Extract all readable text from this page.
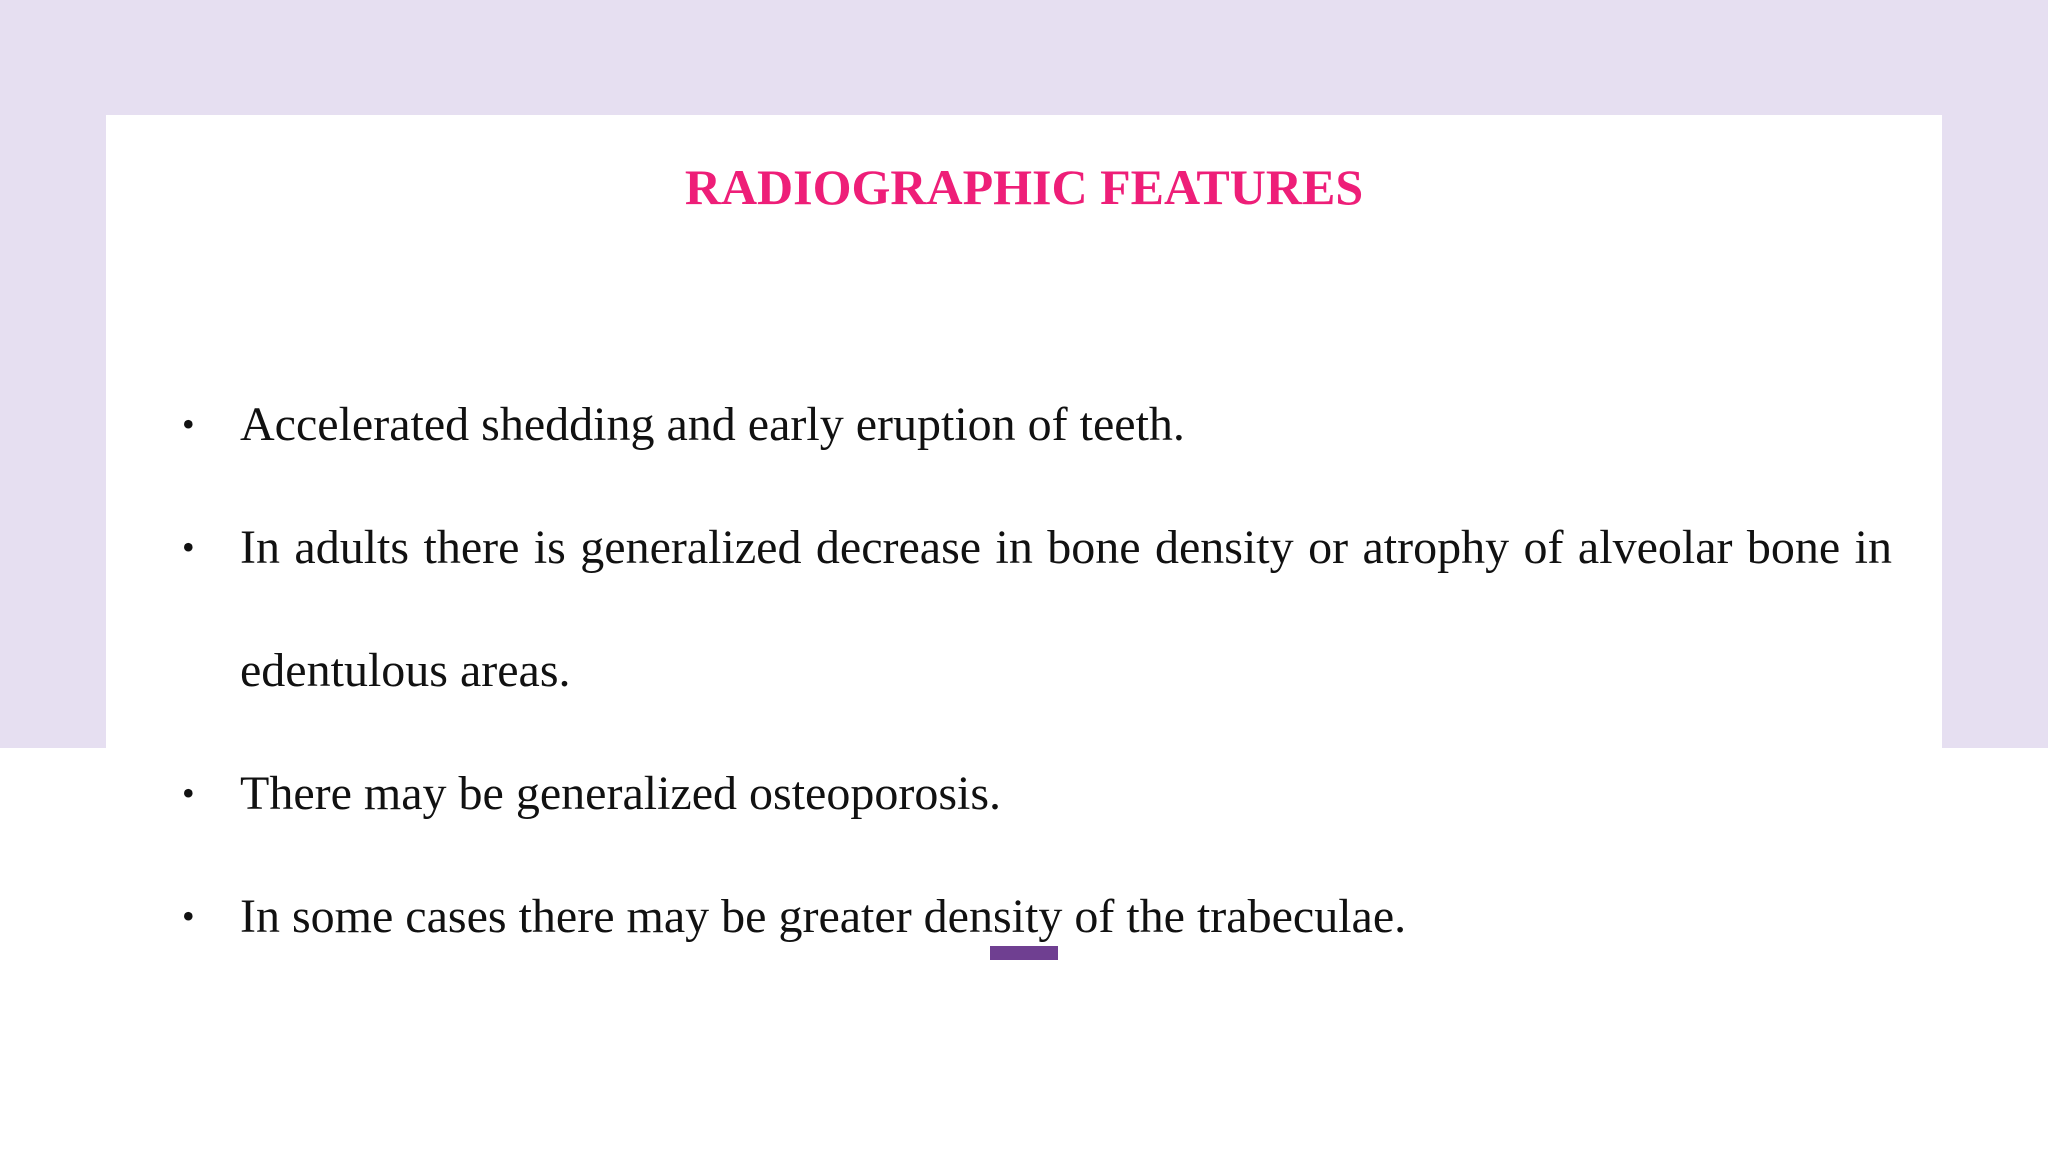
RADIOGRAPHIC FEATURES
• Accelerated shedding and early eruption of teeth.
• In adults there is generalized decrease in bone density or atrophy of alveolar bone in edentulous areas.
• There may be generalized osteoporosis.
• In some cases there may be greater density of the trabeculae.
